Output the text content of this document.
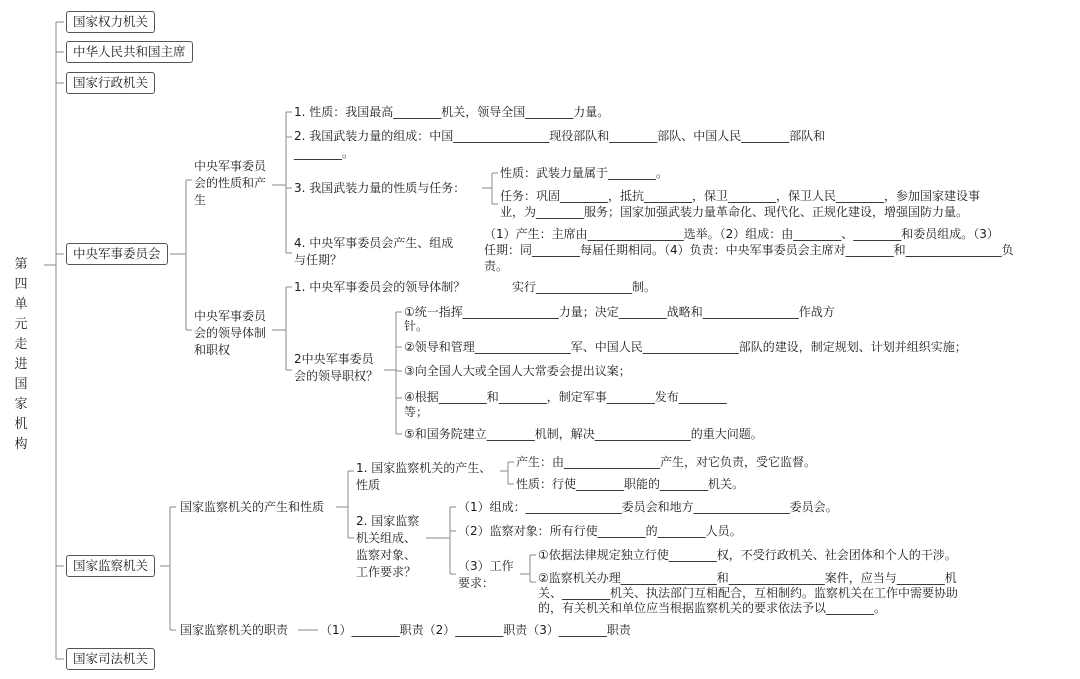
第四单元走进国家机构
国家权力机关
中华人民共和国主席
国家行政机关
中央军事委员会
国家监察机关
国家司法机关
中央军事委员会的性质和产生
1. 性质：我国最高________机关，领导全国________力量。
2. 我国武装力量的组成：中国________________现役部队和________部队、中国人民________部队和
________。
3. 我国武装力量的性质与任务：
性质：武装力量属于________。
任务：巩固________，抵抗________，保卫________，保卫人民________，参加国家建设事
业，为________服务；国家加强武装力量革命化、现代化、正规化建设，增强国防力量。
4. 中央军事委员会产生、组成与任期？
（1）产生：主席由________________选举。（2）组成：由________、________和委员组成。（3）
任期：同________每届任期相同。（4）负责：中央军事委员会主席对________和________________负
责。
中央军事委员会的领导体制和职权
1. 中央军事委员会的领导体制？	实行________________制。
2中央军事委员会的领导职权？
①统一指挥________________力量；决定________战略和________________作战方
针。
②领导和管理________________军、中国人民________________部队的建设，制定规划、计划并组织实施；
③向全国人大或全国人大常委会提出议案；
④根据________和________，制定军事________发布________
等；
⑤和国务院建立________机制，解决________________的重大问题。
国家监察机关的产生和性质
1. 国家监察机关的产生、性质
产生：由________________产生，对它负责，受它监督。
性质：行使________职能的________机关。
2. 国家监察机关组成、监察对象、工作要求？
（1）组成：________________委员会和地方________________委员会。
（2）监察对象：所有行使________的________人员。
（3）工作要求：
①依据法律规定独立行使________权，不受行政机关、社会团体和个人的干涉。
②监察机关办理________________和________________案件，应当与________机
关、________机关、执法部门互相配合，互相制约。监察机关在工作中需要协助
的，有关机关和单位应当根据监察机关的要求依法予以________。
国家监察机关的职责	（1）________职责（2）________职责（3）________职责
